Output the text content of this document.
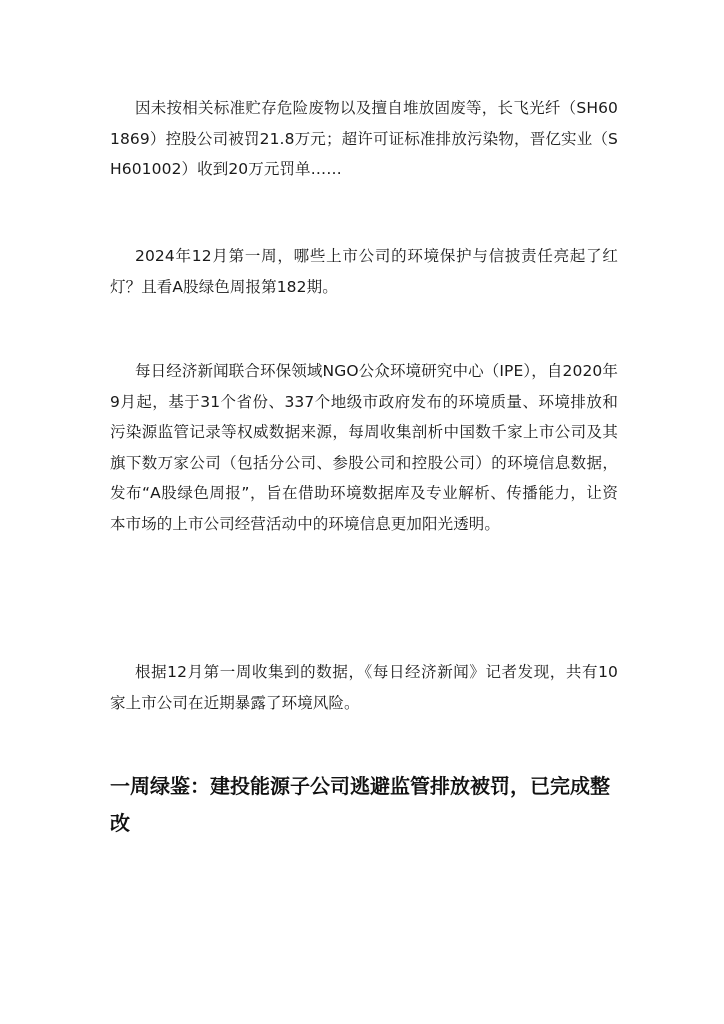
因未按相关标准贮存危险废物以及擅自堆放固废等，长飞光纤（SH601869）控股公司被罚21.8万元；超许可证标准排放污染物，晋亿实业（SH601002）收到20万元罚单……

2024年12月第一周，哪些上市公司的环境保护与信披责任亮起了红灯？且看A股绿色周报第182期。

每日经济新闻联合环保领域NGO公众环境研究中心（IPE），自2020年9月起，基于31个省份、337个地级市政府发布的环境质量、环境排放和污染源监管记录等权威数据来源，每周收集剖析中国数千家上市公司及其旗下数万家公司（包括分公司、参股公司和控股公司）的环境信息数据，发布“A股绿色周报”，旨在借助环境数据库及专业解析、传播能力，让资本市场的上市公司经营活动中的环境信息更加阳光透明。

根据12月第一周收集到的数据，《每日经济新闻》记者发现，共有10家上市公司在近期暴露了环境风险。

一周绿鉴：建投能源子公司逃避监管排放被罚，已完成整改
